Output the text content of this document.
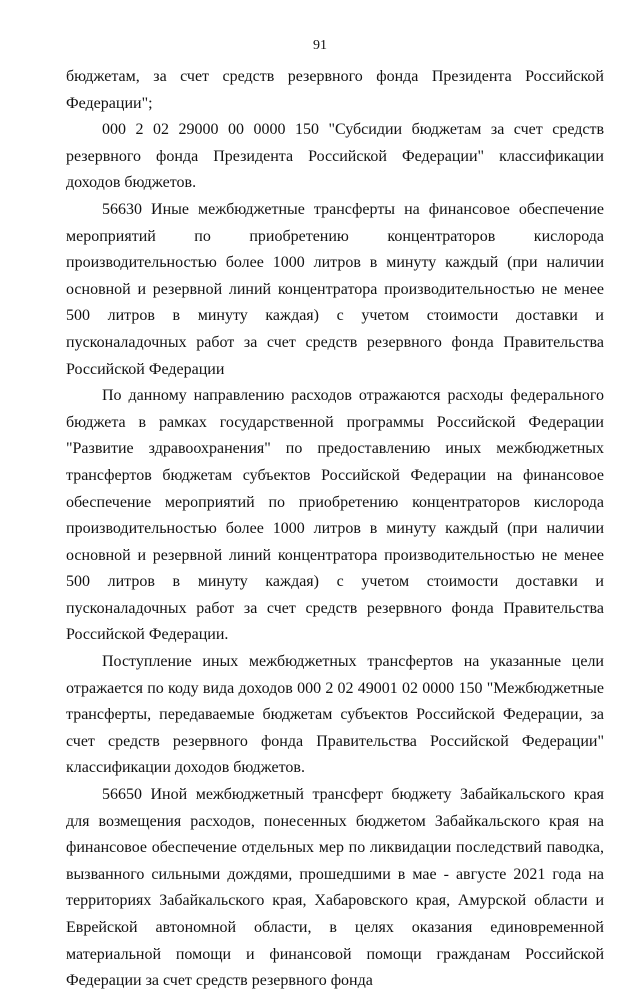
91

бюджетам, за счет средств резервного фонда Президента Российской Федерации";

000 2 02 29000 00 0000 150 "Субсидии бюджетам за счет средств резервного фонда Президента Российской Федерации" классификации доходов бюджетов.

56630 Иные межбюджетные трансферты на финансовое обеспечение мероприятий по приобретению концентраторов кислорода производительностью более 1000 литров в минуту каждый (при наличии основной и резервной линий концентратора производительностью не менее 500 литров в минуту каждая) с учетом стоимости доставки и пусконаладочных работ за счет средств резервного фонда Правительства Российской Федерации

По данному направлению расходов отражаются расходы федерального бюджета в рамках государственной программы Российской Федерации "Развитие здравоохранения" по предоставлению иных межбюджетных трансфертов бюджетам субъектов Российской Федерации на финансовое обеспечение мероприятий по приобретению концентраторов кислорода производительностью более 1000 литров в минуту каждый (при наличии основной и резервной линий концентратора производительностью не менее 500 литров в минуту каждая) с учетом стоимости доставки и пусконаладочных работ за счет средств резервного фонда Правительства Российской Федерации.

Поступление иных межбюджетных трансфертов на указанные цели отражается по коду вида доходов 000 2 02 49001 02 0000 150 "Межбюджетные трансферты, передаваемые бюджетам субъектов Российской Федерации, за счет средств резервного фонда Правительства Российской Федерации" классификации доходов бюджетов.

56650 Иной межбюджетный трансферт бюджету Забайкальского края для возмещения расходов, понесенных бюджетом Забайкальского края на финансовое обеспечение отдельных мер по ликвидации последствий паводка, вызванного сильными дождями, прошедшими в мае - августе 2021 года на территориях Забайкальского края, Хабаровского края, Амурской области и Еврейской автономной области, в целях оказания единовременной материальной помощи и финансовой помощи гражданам Российской Федерации за счет средств резервного фонда
